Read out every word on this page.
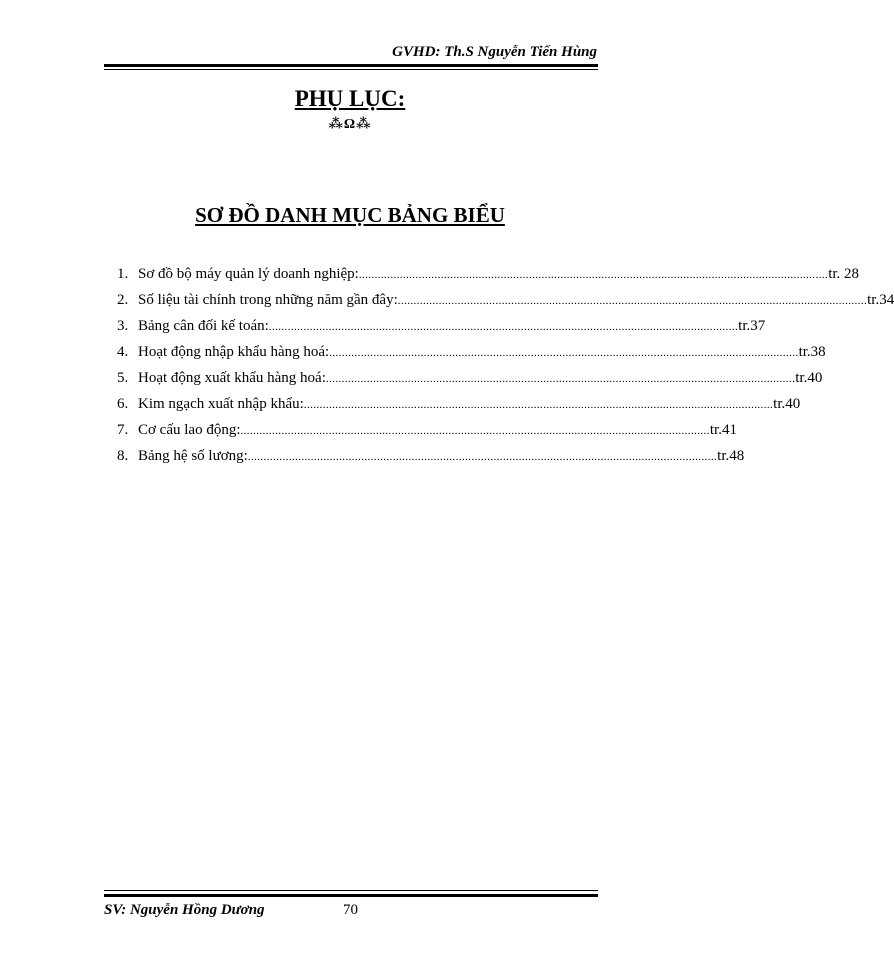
GVHD: Th.S Nguyễn Tiến Hùng
PHỤ LỤC:
⁂Ω⁂
SƠ ĐỒ DANH MỤC BẢNG BIỂU
1. Sơ đồ bộ máy quản lý doanh nghiệp: ..................................................................................................................................................... tr. 28
2. Số liệu tài chính trong những năm gần đây: ..................................................................................................................................................... tr.34
3. Bảng cân đối kế toán: ..................................................................................................................................................... tr.37
4. Hoạt động nhập khẩu hàng hoá: ..................................................................................................................................................... tr.38
5. Hoạt động xuất khẩu hàng hoá: ..................................................................................................................................................... tr.40
6. Kim ngạch xuất nhập khẩu: ..................................................................................................................................................... tr.40
7. Cơ cấu lao động: ..................................................................................................................................................... tr.41
8. Bảng hệ số lương: ..................................................................................................................................................... tr.48
SV: Nguyễn Hồng Dương	70
